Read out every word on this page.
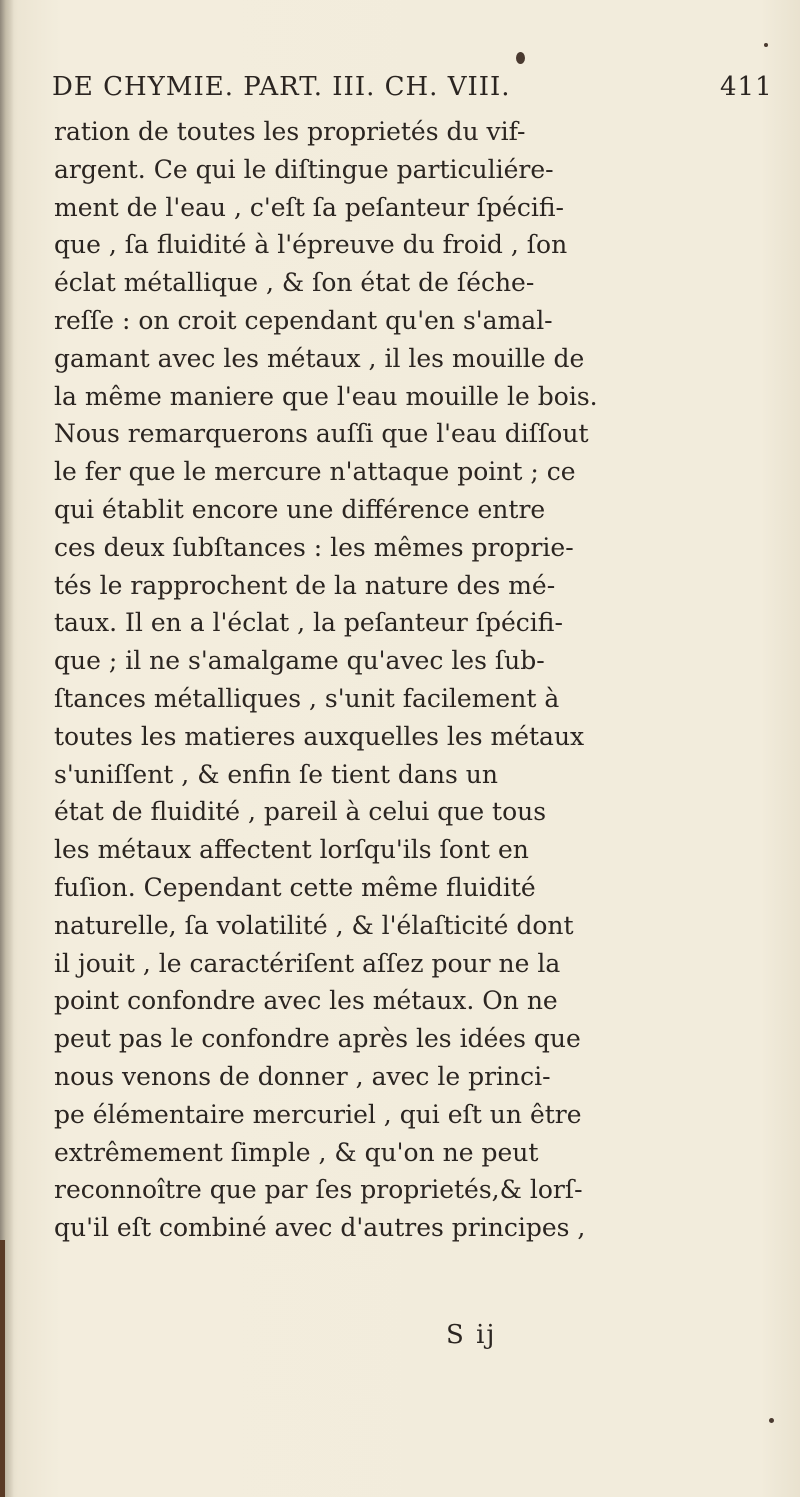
DE CHYMIE. PART. III. CH. VIII.	411
ration de toutes les proprietés du vif-
argent. Ce qui le diſtingue particuliére-
ment de l'eau , c'eſt ſa peſanteur ſpécifi-
que , ſa fluidité à l'épreuve du froid , ſon
éclat métallique , & ſon état de ſéche-
reſſe : on croit cependant qu'en s'amal-
gamant avec les métaux , il les mouille de
la même maniere que l'eau mouille le bois.
Nous remarquerons auſſi que l'eau diſſout
le fer que le mercure n'attaque point ; ce
qui établit encore une différence entre
ces deux ſubſtances : les mêmes proprie-
tés le rapprochent de la nature des mé-
taux. Il en a l'éclat , la peſanteur ſpécifi-
que ; il ne s'amalgame qu'avec les ſub-
ſtances métalliques , s'unit facilement à
toutes les matieres auxquelles les métaux
s'uniſſent , & enfin ſe tient dans un
état de fluidité , pareil à celui que tous
les métaux affectent lorſqu'ils ſont en
fuſion. Cependant cette même fluidité
naturelle, ſa volatilité , & l'élaſticité dont
il jouit , le caractériſent aſſez pour ne la
point confondre avec les métaux. On ne
peut pas le confondre après les idées que
nous venons de donner , avec le princi-
pe élémentaire mercuriel , qui eſt un être
extrêmement ſimple , & qu'on ne peut
reconnoître que par ſes proprietés,& lorſ-
qu'il eſt combiné avec d'autres principes ,
S ij
